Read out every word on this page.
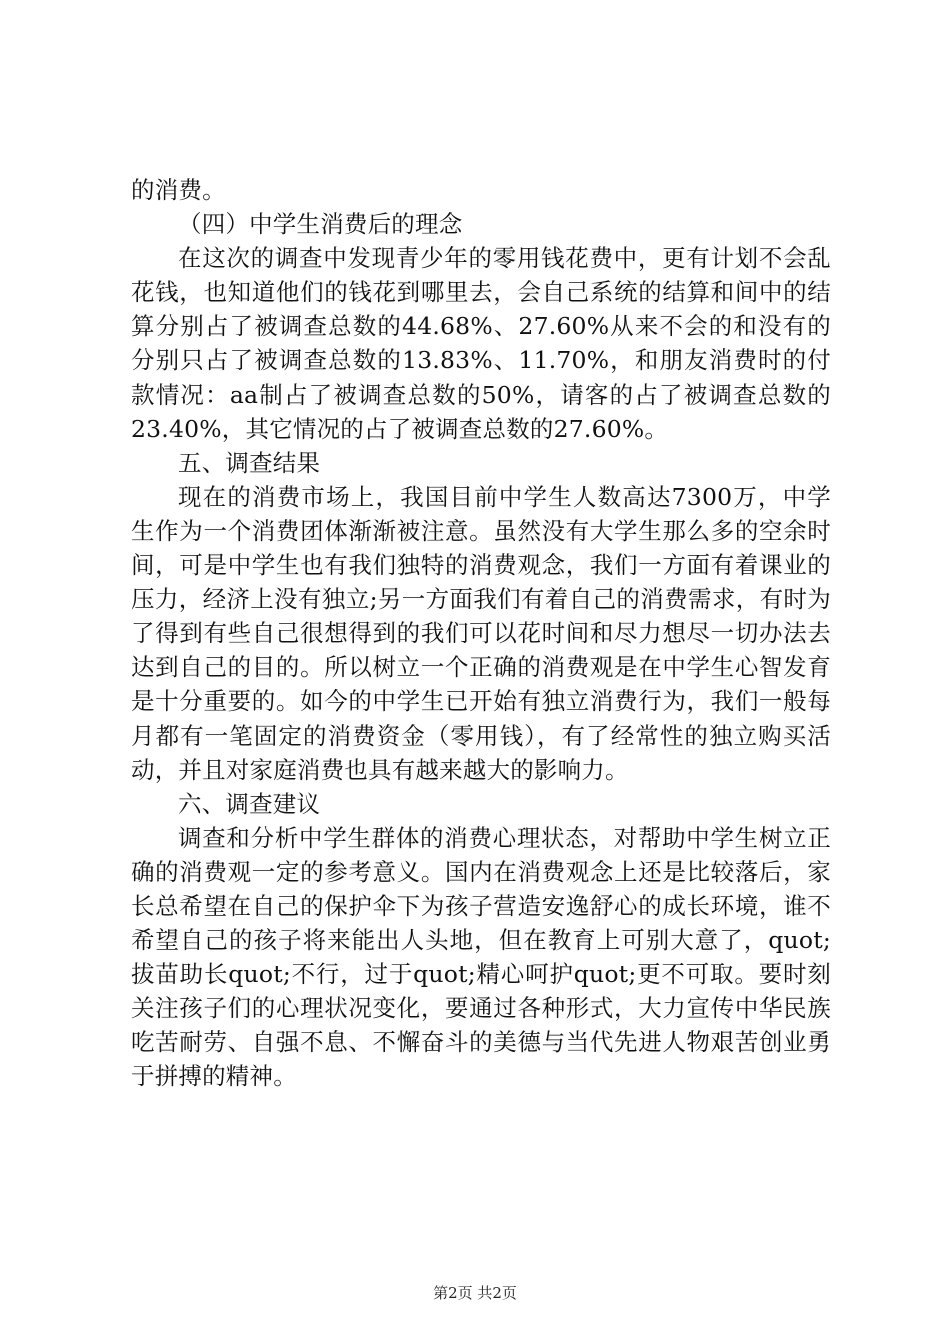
的消费。

（四）中学生消费后的理念

在这次的调查中发现青少年的零用钱花费中，更有计划不会乱花钱，也知道他们的钱花到哪里去，会自己系统的结算和间中的结算分别占了被调查总数的44.68%、27.60%从来不会的和没有的分别只占了被调查总数的13.83%、11.70%，和朋友消费时的付款情况：aa制占了被调查总数的50%，请客的占了被调查总数的23.40%，其它情况的占了被调查总数的27.60%。

五、调查结果

现在的消费市场上，我国目前中学生人数高达7300万，中学生作为一个消费团体渐渐被注意。虽然没有大学生那么多的空余时间，可是中学生也有我们独特的消费观念，我们一方面有着课业的压力，经济上没有独立;另一方面我们有着自己的消费需求，有时为了得到有些自己很想得到的我们可以花时间和尽力想尽一切办法去达到自己的目的。所以树立一个正确的消费观是在中学生心智发育是十分重要的。如今的中学生已开始有独立消费行为，我们一般每月都有一笔固定的消费资金（零用钱），有了经常性的独立购买活动，并且对家庭消费也具有越来越大的影响力。

六、调查建议

调查和分析中学生群体的消费心理状态，对帮助中学生树立正确的消费观一定的参考意义。国内在消费观念上还是比较落后，家长总希望在自己的保护伞下为孩子营造安逸舒心的成长环境，谁不希望自己的孩子将来能出人头地，但在教育上可别大意了，quot;拔苗助长quot;不行，过于quot;精心呵护quot;更不可取。要时刻关注孩子们的心理状况变化，要通过各种形式，大力宣传中华民族吃苦耐劳、自强不息、不懈奋斗的美德与当代先进人物艰苦创业勇于拼搏的精神。

第2页 共2页
